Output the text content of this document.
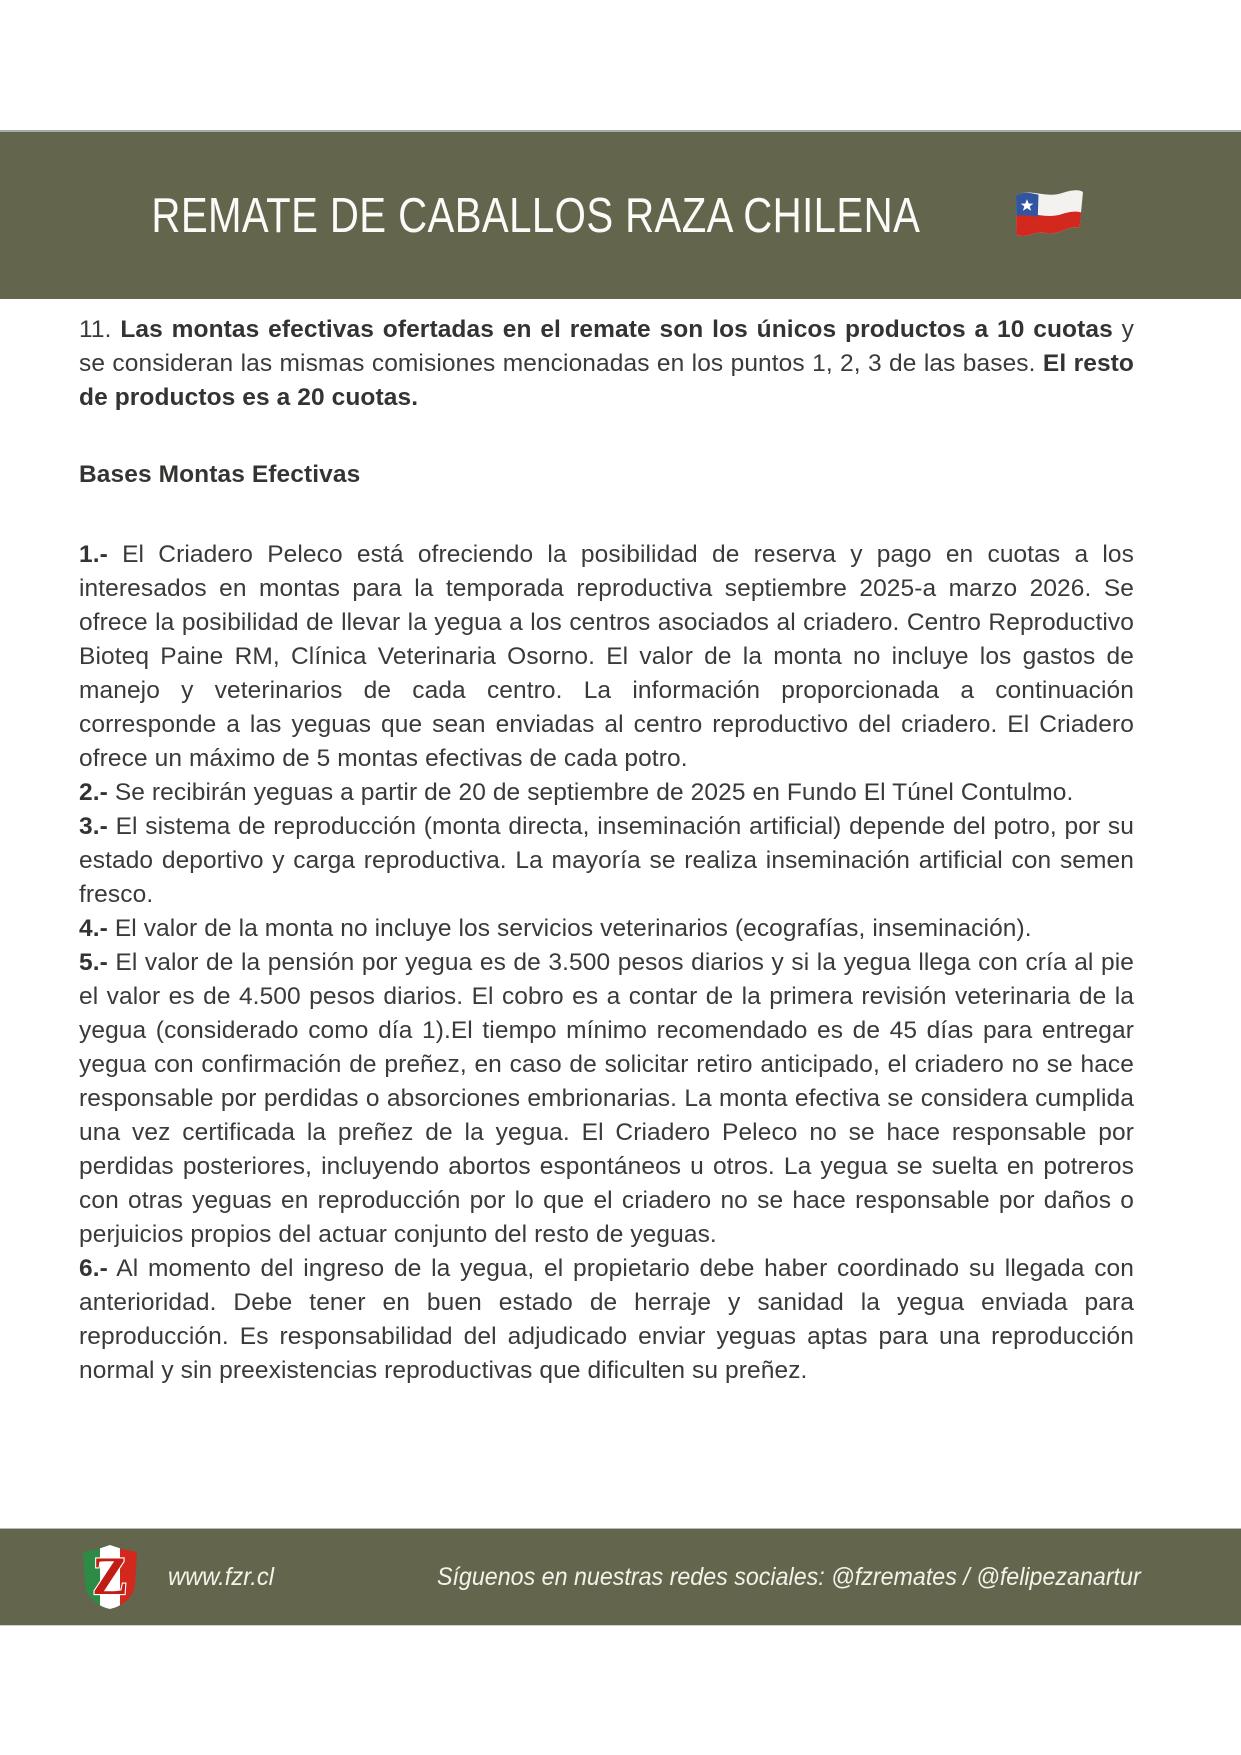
REMATE DE CABALLOS RAZA CHILENA

11. Las montas efectivas ofertadas en el remate son los únicos productos a 10 cuotas y se consideran las mismas comisiones mencionadas en los puntos 1, 2, 3 de las bases. El resto de productos es a 20 cuotas.

Bases Montas Efectivas

1.- El Criadero Peleco está ofreciendo la posibilidad de reserva y pago en cuotas a los interesados en montas para la temporada reproductiva septiembre 2025-a marzo 2026. Se ofrece la posibilidad de llevar la yegua a los centros asociados al criadero. Centro Reproductivo Bioteq Paine RM, Clínica Veterinaria Osorno. El valor de la monta no incluye los gastos de manejo y veterinarios de cada centro. La información proporcionada a continuación corresponde a las yeguas que sean enviadas al centro reproductivo del criadero. El Criadero ofrece un máximo de 5 montas efectivas de cada potro.

2.- Se recibirán yeguas a partir de 20 de septiembre de 2025 en Fundo El Túnel Contulmo.

3.- El sistema de reproducción (monta directa, inseminación artificial) depende del potro, por su estado deportivo y carga reproductiva. La mayoría se realiza inseminación artificial con semen fresco.

4.- El valor de la monta no incluye los servicios veterinarios (ecografías, inseminación).

5.- El valor de la pensión por yegua es de 3.500 pesos diarios y si la yegua llega con cría al pie el valor es de 4.500 pesos diarios. El cobro es a contar de la primera revisión veterinaria de la yegua (considerado como día 1).El tiempo mínimo recomendado es de 45 días para entregar yegua con confirmación de preñez, en caso de solicitar retiro anticipado, el criadero no se hace responsable por perdidas o absorciones embrionarias. La monta efectiva se considera cumplida una vez certificada la preñez de la yegua. El Criadero Peleco no se hace responsable por perdidas posteriores, incluyendo abortos espontáneos u otros. La yegua se suelta en potreros con otras yeguas en reproducción por lo que el criadero no se hace responsable por daños o perjuicios propios del actuar conjunto del resto de yeguas.

6.- Al momento del ingreso de la yegua, el propietario debe haber coordinado su llegada con anterioridad. Debe tener en buen estado de herraje y sanidad la yegua enviada para reproducción. Es responsabilidad del adjudicado enviar yeguas aptas para una reproducción normal y sin preexistencias reproductivas que dificulten su preñez.

Z www.fzr.cl	Síguenos en nuestras redes sociales: @fzremates / @felipezanartur
